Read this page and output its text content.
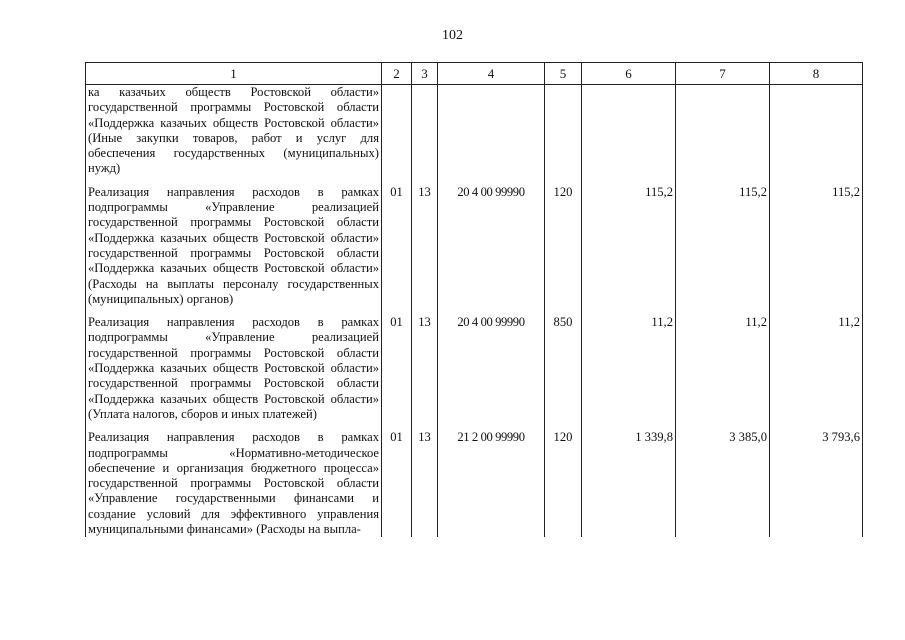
102
1	2	3	4	5	6	7	8
ка казачьих обществ Ростовской области» государственной программы Ростовской области «Поддержка казачьих обществ Ростовской области» (Иные закупки товаров, работ и услуг для обеспечения государственных (муниципальных) нужд)							
Реализация направления расходов в рамках подпрограммы «Управление реализацией государственной программы Ростовской области «Поддержка казачьих обществ Ростовской области» государственной программы Ростовской области «Поддержка казачьих обществ Ростовской области» (Расходы на выплаты персоналу государственных (муниципальных) органов)	01	13	20 4 00 99990	120	115,2	115,2	115,2
Реализация направления расходов в рамках подпрограммы «Управление реализацией государственной программы Ростовской области «Поддержка казачьих обществ Ростовской области» государственной программы Ростовской области «Поддержка казачьих обществ Ростовской области» (Уплата налогов, сборов и иных платежей)	01	13	20 4 00 99990	850	11,2	11,2	11,2
Реализация направления расходов в рамках подпрограммы «Нормативно-методическое обеспечение и организация бюджетного процесса» государственной программы Ростовской области «Управление государственными финансами и создание условий для эффективного управления муниципальными финансами» (Расходы на выпла-	01	13	21 2 00 99990	120	1 339,8	3 385,0	3 793,6
